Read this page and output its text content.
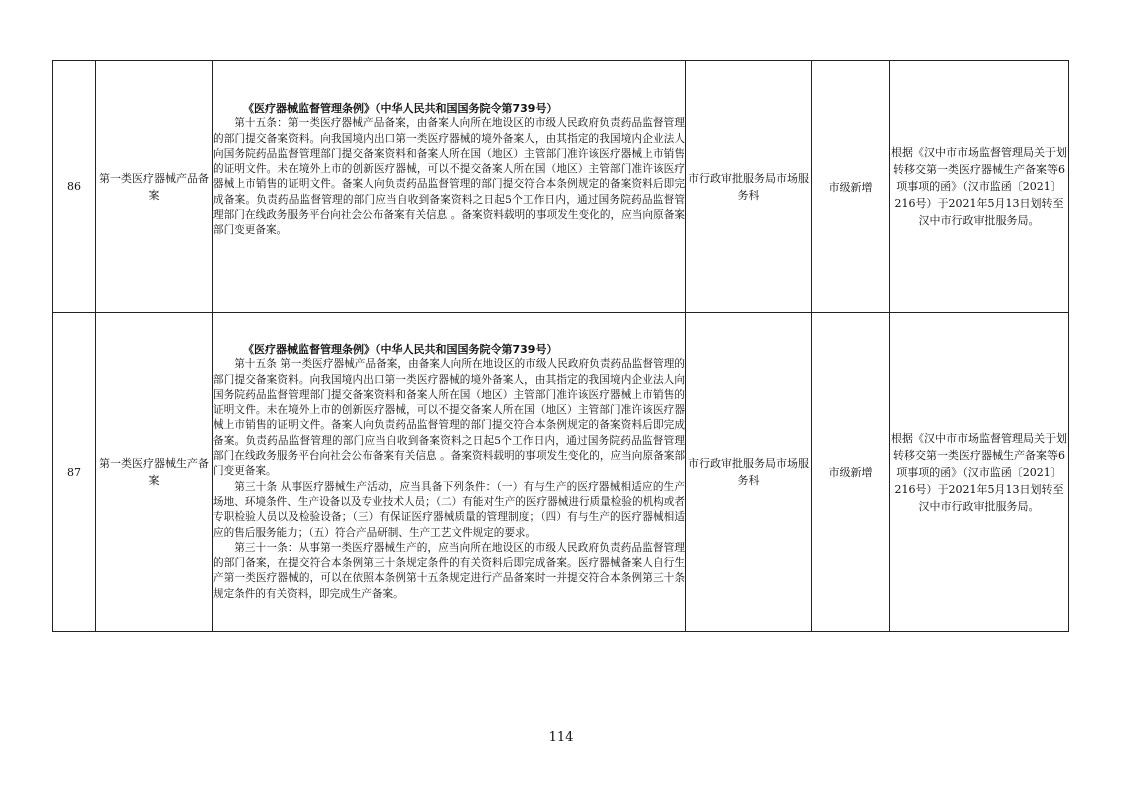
86	第一类医疗器械产品备案	《医疗器械监督管理条例》（中华人民共和国国务院令第739号）

第十五条：第一类医疗器械产品备案，由备案人向所在地设区的市级人民政府负责药品监督管理的部门提交备案资料。向我国境内出口第一类医疗器械的境外备案人，由其指定的我国境内企业法人向国务院药品监督管理部门提交备案资料和备案人所在国（地区）主管部门准许该医疗器械上市销售的证明文件。未在境外上市的创新医疗器械，可以不提交备案人所在国（地区）主管部门准许该医疗器械上市销售的证明文件。备案人向负责药品监督管理的部门提交符合本条例规定的备案资料后即完成备案。负责药品监督管理的部门应当自收到备案资料之日起5个工作日内，通过国务院药品监督管理部门在线政务服务平台向社会公布备案有关信息 。备案资料载明的事项发生变化的，应当向原备案部门变更备案。	市行政审批服务局市场服务科	市级新增	根据《汉中市市场监督管理局关于划转移交第一类医疗器械生产备案等6项事项的函》（汉市监函〔2021〕216号）于2021年5月13日划转至汉中市行政审批服务局。
87	第一类医疗器械生产备案	《医疗器械监督管理条例》（中华人民共和国国务院令第739号）

第十五条 第一类医疗器械产品备案，由备案人向所在地设区的市级人民政府负责药品监督管理的部门提交备案资料。向我国境内出口第一类医疗器械的境外备案人，由其指定的我国境内企业法人向国务院药品监督管理部门提交备案资料和备案人所在国（地区）主管部门准许该医疗器械上市销售的证明文件。未在境外上市的创新医疗器械，可以不提交备案人所在国（地区）主管部门准许该医疗器械上市销售的证明文件。备案人向负责药品监督管理的部门提交符合本条例规定的备案资料后即完成备案。负责药品监督管理的部门应当自收到备案资料之日起5个工作日内，通过国务院药品监督管理部门在线政务服务平台向社会公布备案有关信息 。备案资料载明的事项发生变化的，应当向原备案部门变更备案。

第三十条 从事医疗器械生产活动，应当具备下列条件：（一）有与生产的医疗器械相适应的生产场地、环境条件、生产设备以及专业技术人员；（二）有能对生产的医疗器械进行质量检验的机构或者专职检验人员以及检验设备；（三）有保证医疗器械质量的管理制度；（四）有与生产的医疗器械相适应的售后服务能力；（五）符合产品研制、生产工艺文件规定的要求。

第三十一条：从事第一类医疗器械生产的，应当向所在地设区的市级人民政府负责药品监督管理的部门备案，在提交符合本条例第三十条规定条件的有关资料后即完成备案。医疗器械备案人自行生产第一类医疗器械的，可以在依照本条例第十五条规定进行产品备案时一并提交符合本条例第三十条规定条件的有关资料，即完成生产备案。	市行政审批服务局市场服务科	市级新增	根据《汉中市市场监督管理局关于划转移交第一类医疗器械生产备案等6项事项的函》（汉市监函〔2021〕216号）于2021年5月13日划转至汉中市行政审批服务局。
114
